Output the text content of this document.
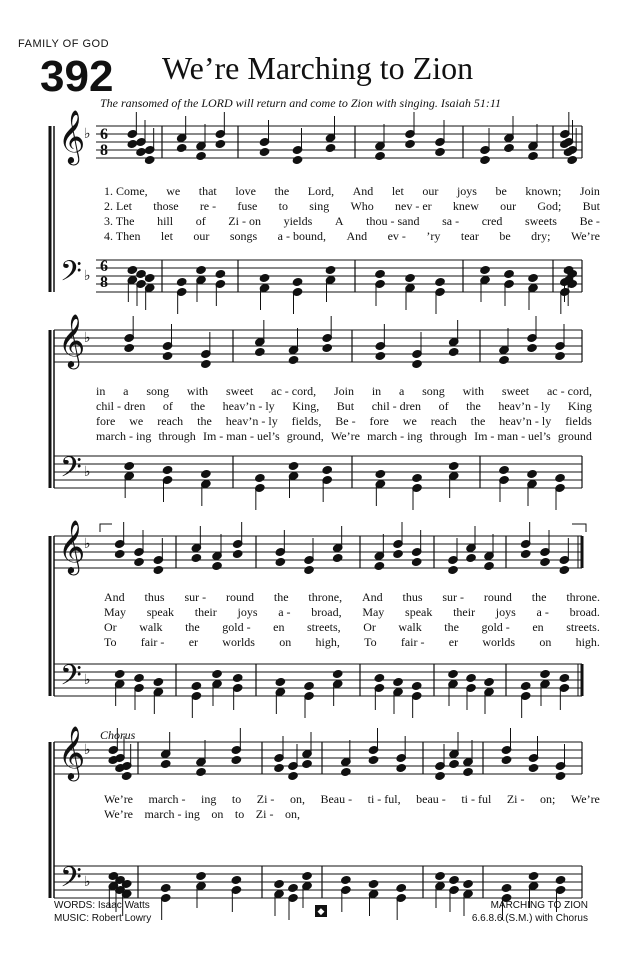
FAMILY OF GOD
392 We’re Marching to Zion
The ransomed of the LORD will return and come to Zion with singing. Isaiah 51:11
𝄞
𝄢
♭
♭
𝄞
𝄢
♭
♭
𝄞
𝄢
♭
♭
𝄞
𝄢
♭
♭
6
8
6
8
1. Come, we that love the Lord, And let our joys be known; Join
2. Let those re - fuse to sing Who nev - er knew our God; But
3. The hill of Zi - on yields A thou - sand sa - cred sweets Be -
4. Then let our songs a - bound, And ev - ’ry tear be dry; We’re
in a song with sweet ac - cord, Join in a song with sweet ac - cord,
chil - dren of the heav’n - ly King, But chil - dren of the heav’n - ly King
fore we reach the heav’n - ly fields, Be - fore we reach the heav’n - ly fields
march - ing through Im - man - uel’s ground, We’re march - ing through Im - man - uel’s ground
And thus sur - round the throne, And thus sur - round the throne.
May speak their joys a - broad, May speak their joys a - broad.
Or walk the gold - en streets, Or walk the gold - en streets.
To fair - er worlds on high, To fair - er worlds on high.
Chorus
We’re march - ing to Zi - on, Beau - ti - ful, beau - ti - ful Zi - on; We’re
We’re march - ing on to Zi - on,
WORDS: Isaac Watts
MUSIC: Robert Lowry
◆	MARCHING TO ZION
6.6.8.6.(S.M.) with Chorus
